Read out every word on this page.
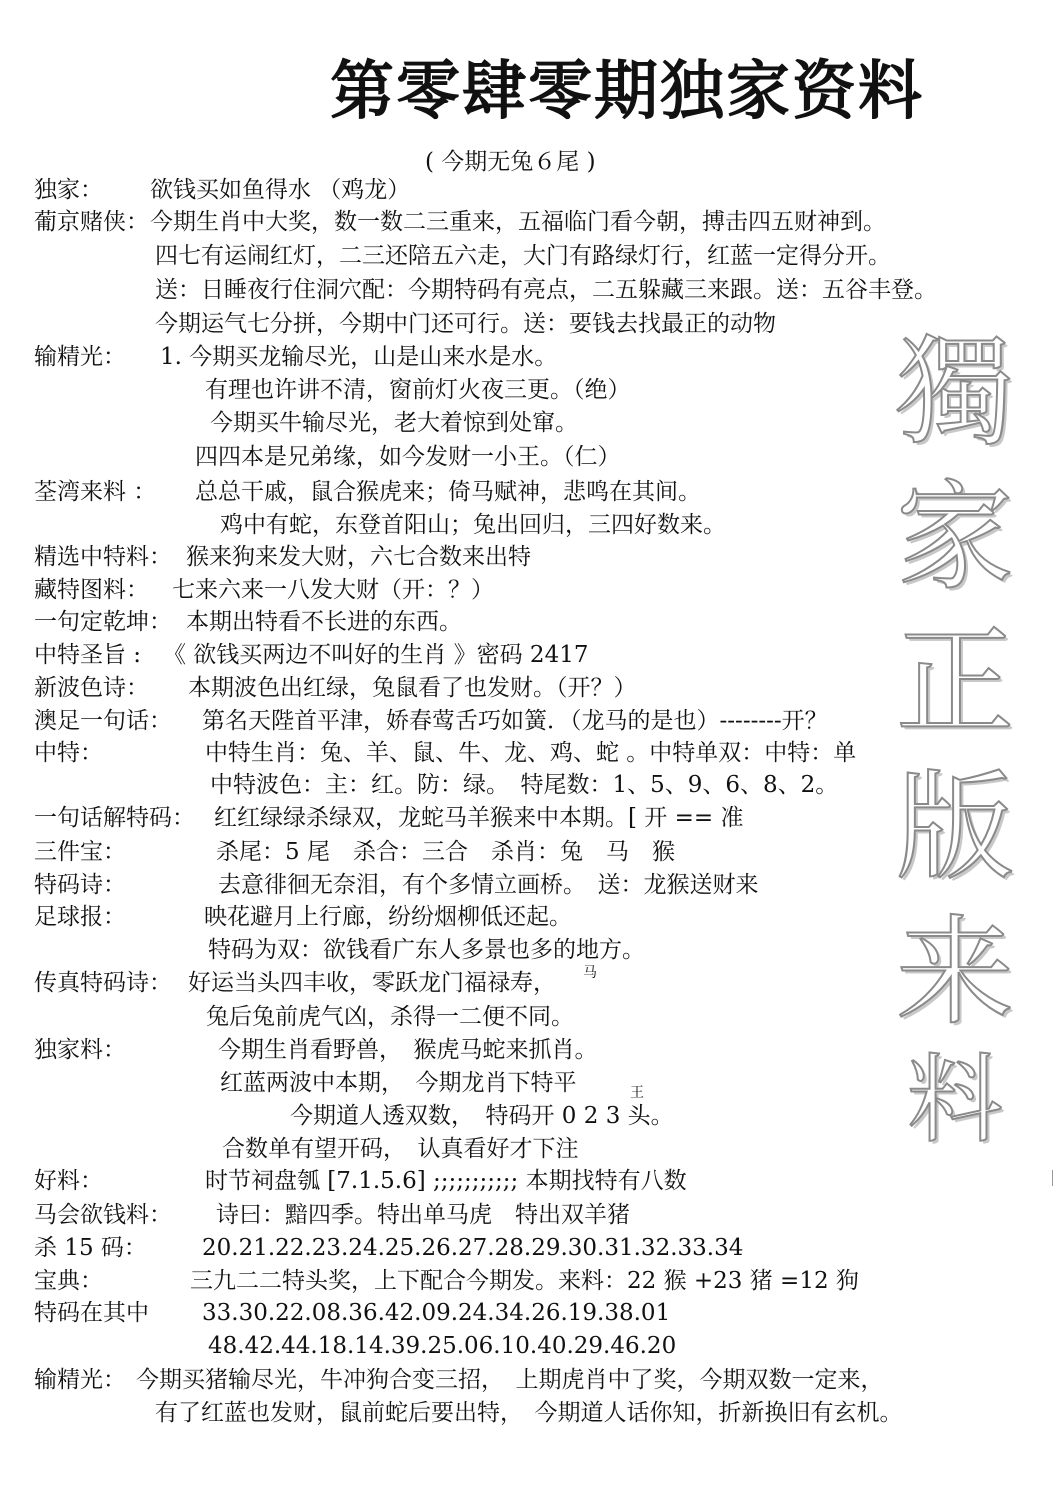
第零肆零期独家资料
( 今期无兔６尾 )
独家： 欲钱买如鱼得水 （鸡龙）
葡京赌侠： 今期生肖中大奖，数一数二三重来，五福临门看今朝，搏击四五财神到。
四七有运闹红灯，二三还陪五六走，大门有路绿灯行，红蓝一定得分开。
送：日睡夜行住洞穴配：今期特码有亮点，二五躲藏三来跟。送：五谷丰登。
今期运气七分拼，今期中门还可行。送：要钱去找最正的动物
输精光： 1. 今期买龙输尽光，山是山来水是水。
有理也许讲不清，窗前灯火夜三更。（绝）
今期买牛输尽光，老大着惊到处窜。
四四本是兄弟缘，如今发财一小王。（仁）
荃湾来料 ： 总总干戚，鼠合猴虎来；倚马赋神，悲鸣在其间。
鸡中有蛇，东登首阳山；兔出回归，三四好数来。
精选中特料： 猴来狗来发大财，六七合数来出特
藏特图料： 七来六来一八发大财（开：？）
一句定乾坤： 本期出特看不长进的东西。
中特圣旨 : 《 欲钱买两边不叫好的生肖 》密码 2417
新波色诗： 本期波色出红绿，兔鼠看了也发财。（开？）
澳足一句话： 第名天陛首平津，娇春莺舌巧如簧．（龙马的是也）--------开？
中特：	中特生肖：兔、羊、鼠、牛、龙、鸡、蛇 。中特单双：中特：单
中特波色：主：红。防：绿。　特尾数：1、5、9、6、8、2。
一句话解特码： 红红绿绿杀绿双，龙蛇马羊猴来中本期。[ 开 == 准
三件宝：	杀尾：5 尾　杀合：三合　杀肖：兔　马　猴
特码诗：	去意徘徊无奈泪，有个多情立画桥。　送：龙猴送财来
足球报：	映花避月上行廊，纷纷烟柳低还起。
特码为双：欲钱看广东人多景也多的地方。
传真特码诗： 好运当头四丰收，零跃龙门福禄寿， 马
兔后兔前虎气凶，杀得一二便不同。
独家料：	今期生肖看野兽，　猴虎马蛇来抓肖。
红蓝两波中本期，　今期龙肖下特平	王
今期道人透双数，　特码开 0 2 3 头。
合数单有望开码，　认真看好才下注
好料：	时节祠盘瓠 [7.1.5.6] ;;;;;;;;;;; 本期找特有八数
马会欲钱料： 诗曰：黯四季。特出单马虎　特出双羊猪
杀 15 码： 20.21.22.23.24.25.26.27.28.29.30.31.32.33.34
宝典：	三九二二特头奖，上下配合今期发。来料：22 猴 +23 猪 =12 狗
特码在其中 33.30.22.08.36.42.09.24.34.26.19.38.01
48.42.44.18.14.39.25.06.10.40.29.46.20
输精光： 今期买猪输尽光，牛冲狗合变三招，　上期虎肖中了奖，今期双数一定来，
有了红蓝也发财，鼠前蛇后要出特，　今期道人话你知，折新换旧有玄机。
獨
家
正
版
来
料
